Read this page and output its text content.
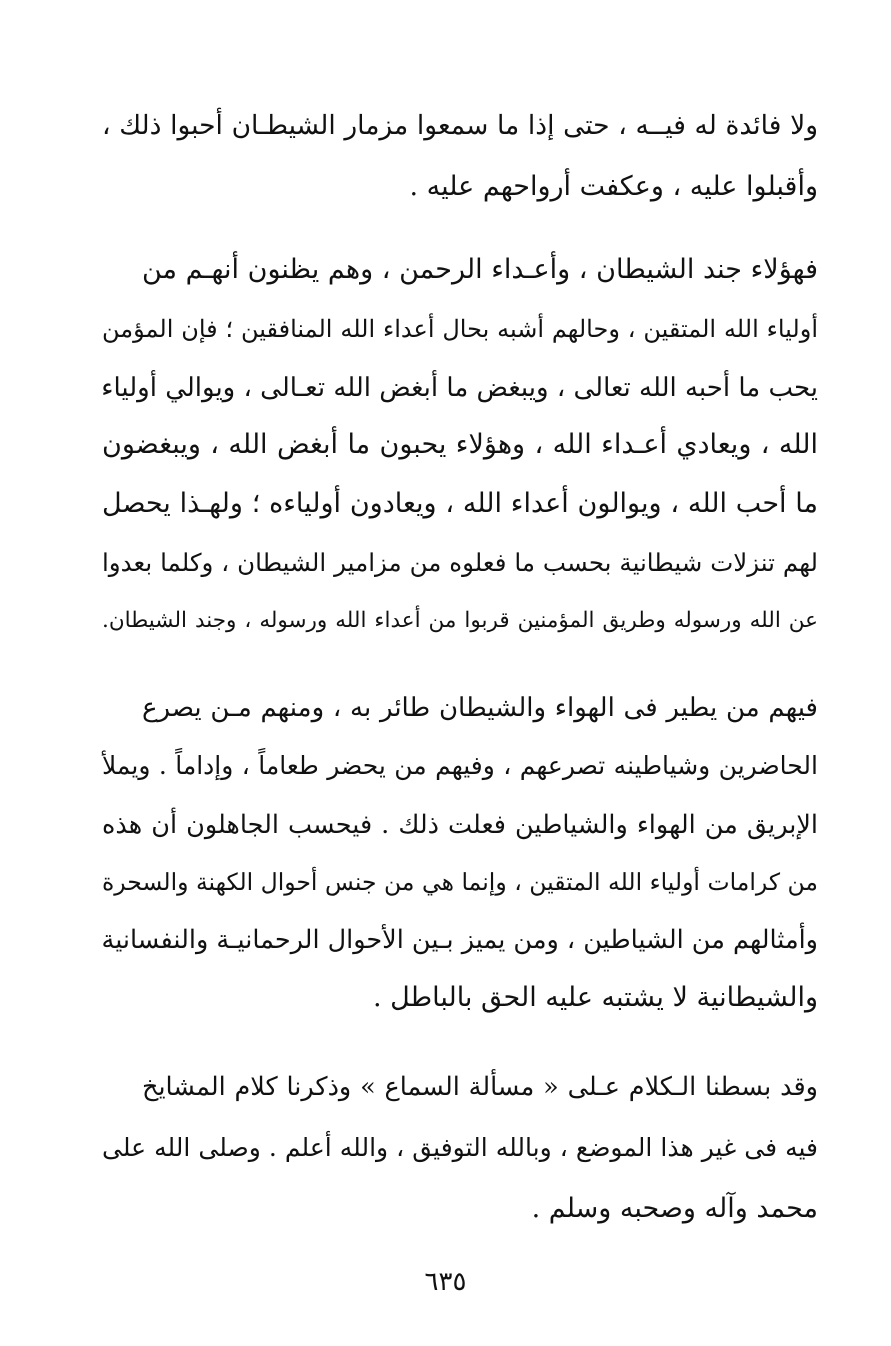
ولا فائدة له فيــه ، حتى إذا ما سمعوا مزمار الشيطـان أحبوا ذلك ،
وأقبلوا عليه ، وعكفت أرواحهم عليه .
فهؤلاء جند الشيطان ، وأعـداء الرحمن ، وهم يظنون أنهـم من
أولياء الله المتقين ، وحالهم أشبه بحال أعداء الله المنافقين ؛ فإن المؤمن
يحب ما أحبه الله تعالى ، ويبغض ما أبغض الله تعـالى ، ويوالي أولياء
الله ، ويعادي أعـداء الله ، وهؤلاء يحبون ما أبغض الله ، ويبغضون
ما أحب الله ، ويوالون أعداء الله ، ويعادون أولياءه ؛ ولهـذا يحصل
لهم تنزلات شيطانية بحسب ما فعلوه من مزامير الشيطان ، وكلما بعدوا
عن الله ورسوله وطريق المؤمنين قربوا من أعداء الله ورسوله ، وجند الشيطان.
فيهم من يطير فى الهواء والشيطان طائر به ، ومنهم مـن يصرع
الحاضرين وشياطينه تصرعهم ، وفيهم من يحضر طعاماً ، وإداماً . ويملأ
الإبريق من الهواء والشياطين فعلت ذلك . فيحسب الجاهلون أن هذه
من كرامات أولياء الله المتقين ، وإنما هي من جنس أحوال الكهنة والسحرة
وأمثالهم من الشياطين ، ومن يميز بـين الأحوال الرحمانيـة والنفسانية
والشيطانية لا يشتبه عليه الحق بالباطل .
وقد بسطنا الـكلام عـلى « مسألة السماع » وذكرنا كلام المشايخ
فيه فى غير هذا الموضع ، وبالله التوفيق ، والله أعلم . وصلى الله على
محمد وآله وصحبه وسلم .
٦٣٥
